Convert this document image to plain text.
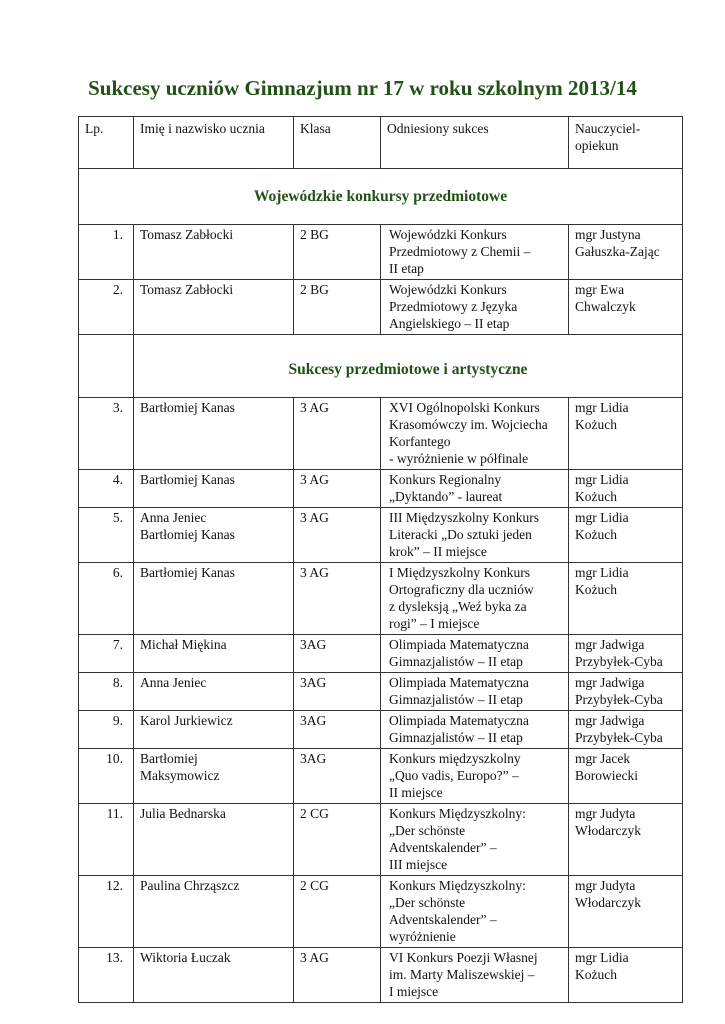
Sukcesy uczniów Gimnazjum nr 17 w roku szkolnym 2013/14
Lp.	Imię i nazwisko ucznia	Klasa	Odniesiony sukces	Nauczyciel-
opiekun
Wojewódzkie konkursy przedmiotowe				
1.	Tomasz Zabłocki	2 BG	Wojewódzki Konkurs
Przedmiotowy z Chemii –
II etap	mgr Justyna
Gałuszka-Zając
2.	Tomasz Zabłocki	2 BG	Wojewódzki Konkurs
Przedmiotowy z Języka
Angielskiego – II etap	mgr Ewa
Chwalczyk
	Sukcesy przedmiotowe i artystyczne			
3.	Bartłomiej Kanas	3 AG	XVI Ogólnopolski Konkurs
Krasomówczy im. Wojciecha
Korfantego
- wyróżnienie w półfinale	mgr Lidia
Kożuch
4.	Bartłomiej Kanas	3 AG	Konkurs Regionalny
„Dyktando” - laureat	mgr Lidia
Kożuch
5.	Anna Jeniec
Bartłomiej Kanas	3 AG	III Międzyszkolny Konkurs
Literacki „Do sztuki jeden
krok” – II miejsce	mgr Lidia
Kożuch
6.	Bartłomiej Kanas	3 AG	I Międzyszkolny Konkurs
Ortograficzny dla uczniów
z dysleksją „Weź byka za
rogi” – I miejsce	mgr Lidia
Kożuch
7.	Michał Miękina	3AG	Olimpiada Matematyczna
Gimnazjalistów – II etap	mgr Jadwiga
Przybyłek-Cyba
8.	Anna Jeniec	3AG	Olimpiada Matematyczna
Gimnazjalistów – II etap	mgr Jadwiga
Przybyłek-Cyba
9.	Karol Jurkiewicz	3AG	Olimpiada Matematyczna
Gimnazjalistów – II etap	mgr Jadwiga
Przybyłek-Cyba
10.	Bartłomiej
Maksymowicz	3AG	Konkurs międzyszkolny
„Quo vadis, Europo?” –
II miejsce	mgr Jacek
Borowiecki
11.	Julia Bednarska	2 CG	Konkurs Międzyszkolny:
„Der schönste
Adventskalender” –
III miejsce	mgr Judyta
Włodarczyk
12.	Paulina Chrząszcz	2 CG	Konkurs Międzyszkolny:
„Der schönste
Adventskalender” –
wyróżnienie	mgr Judyta
Włodarczyk
13.	Wiktoria Łuczak	3 AG	VI Konkurs Poezji Własnej
im. Marty Maliszewskiej –
I miejsce	mgr Lidia
Kożuch
